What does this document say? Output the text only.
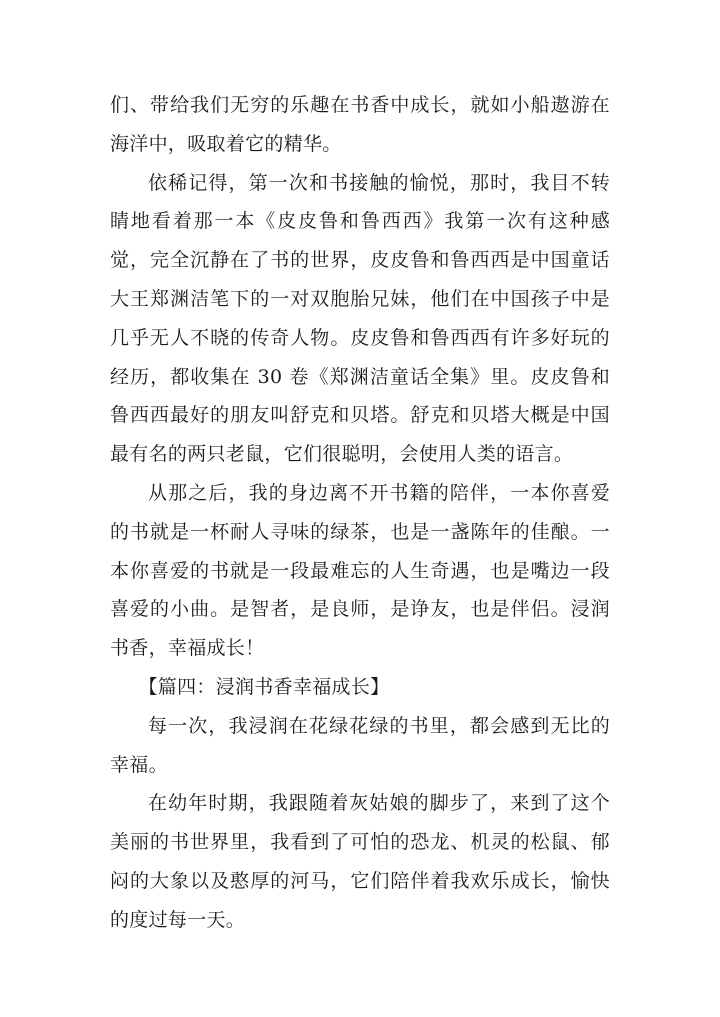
们、带给我们无穷的乐趣在书香中成长，就如小船遨游在海洋中，吸取着它的精华。

依稀记得，第一次和书接触的愉悦，那时，我目不转睛地看着那一本《皮皮鲁和鲁西西》我第一次有这种感觉，完全沉静在了书的世界，皮皮鲁和鲁西西是中国童话大王郑渊洁笔下的一对双胞胎兄妹，他们在中国孩子中是几乎无人不晓的传奇人物。皮皮鲁和鲁西西有许多好玩的经历，都收集在 30 卷《郑渊洁童话全集》里。皮皮鲁和鲁西西最好的朋友叫舒克和贝塔。舒克和贝塔大概是中国最有名的两只老鼠，它们很聪明，会使用人类的语言。

从那之后，我的身边离不开书籍的陪伴，一本你喜爱的书就是一杯耐人寻味的绿茶，也是一盏陈年的佳酿。一本你喜爱的书就是一段最难忘的人生奇遇，也是嘴边一段喜爱的小曲。是智者，是良师，是诤友，也是伴侣。浸润书香，幸福成长！

【篇四：浸润书香幸福成长】

每一次，我浸润在花绿花绿的书里，都会感到无比的幸福。

在幼年时期，我跟随着灰姑娘的脚步了，来到了这个美丽的书世界里，我看到了可怕的恐龙、机灵的松鼠、郁闷的大象以及憨厚的河马，它们陪伴着我欢乐成长，愉快的度过每一天。
